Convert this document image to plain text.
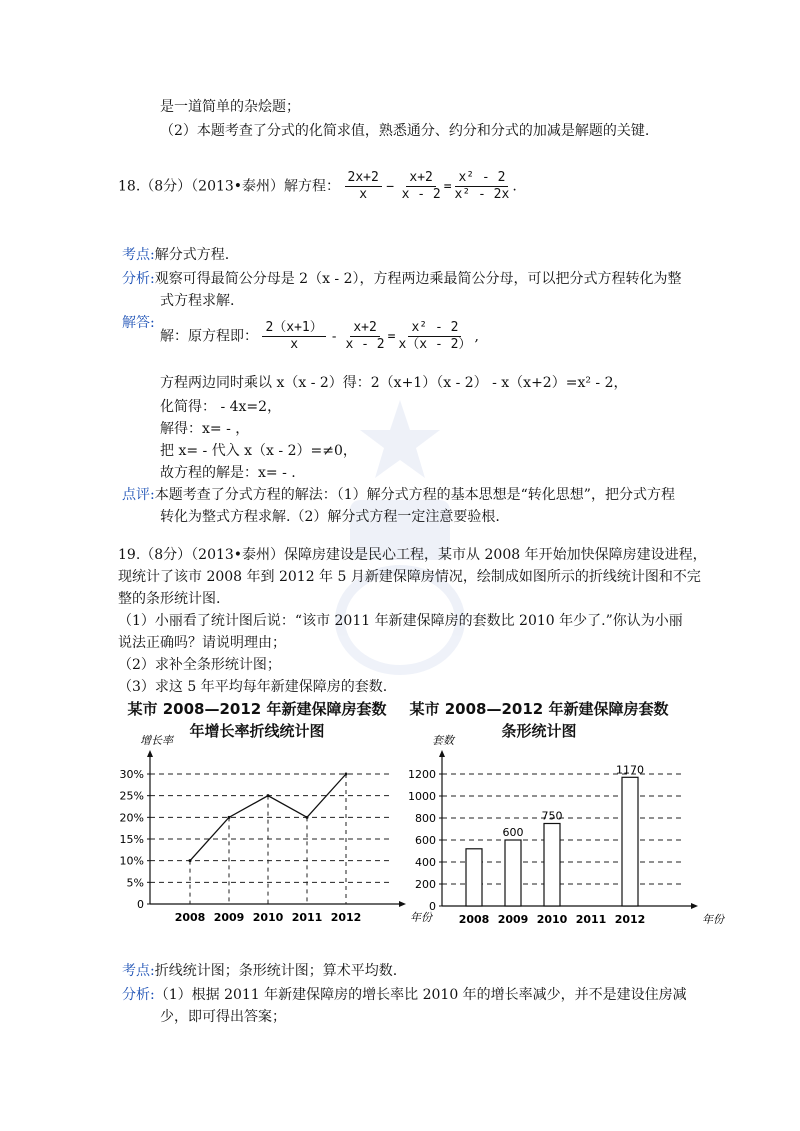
是一道简单的杂烩题；
（2）本题考查了分式的化简求值，熟悉通分、约分和分式的加减是解题的关键.
18.（8分）（2013•泰州）解方程： $\frac{2x+2}{x} - \frac{x+2}{x - 2} = \frac{\text{x² - 2}}{\text{x² - 2x}}$ .
考点:解分式方程.
分析:观察可得最简公分母是 2（x - 2），方程两边乘最简公分母，可以把分式方程转化为整
式方程求解.
解答:
解：原方程即： $\frac{2(x+1)}{x} - \frac{x+2}{x - 2} = \frac{\text{x² - 2}}{x(x - 2)}$ ,
方程两边同时乘以 x（x - 2）得：2（x+1）（x - 2） - x（x+2）=x² - 2，
化简得： - 4x=2，
解得：x= - ，
把 x= - 代入 x（x - 2）=≠0，
故方程的解是：x= - .
点评:本题考查了分式方程的解法：（1）解分式方程的基本思想是“转化思想”，把分式方程
转化为整式方程求解.（2）解分式方程一定注意要验根.
19.（8分）（2013•泰州）保障房建设是民心工程，某市从 2008 年开始加快保障房建设进程，
现统计了该市 2008 年到 2012 年 5 月新建保障房情况，绘制成如图所示的折线统计图和不完
整的条形统计图.
（1）小丽看了统计图后说：“该市 2011 年新建保障房的套数比 2010 年少了.”你认为小丽
说法正确吗？请说明理由；
（2）求补全条形统计图；
（3）求这 5 年平均每年新建保障房的套数.
某市 2008—2012 年新建保障房套数
年增长率折线统计图
某市 2008—2012 年新建保障房套数
条形统计图
0
5%
10%
15%
20%
25%
30%
2008 2009 2010 2011 2012	年份
增长率
0
200
400
600
800
1000
1200
2008 2009 2010 2011 2012	年份
套数
600
750
1170
考点:折线统计图；条形统计图；算术平均数.
分析:（1）根据 2011 年新建保障房的增长率比 2010 年的增长率减少，并不是建设住房减
少，即可得出答案；
